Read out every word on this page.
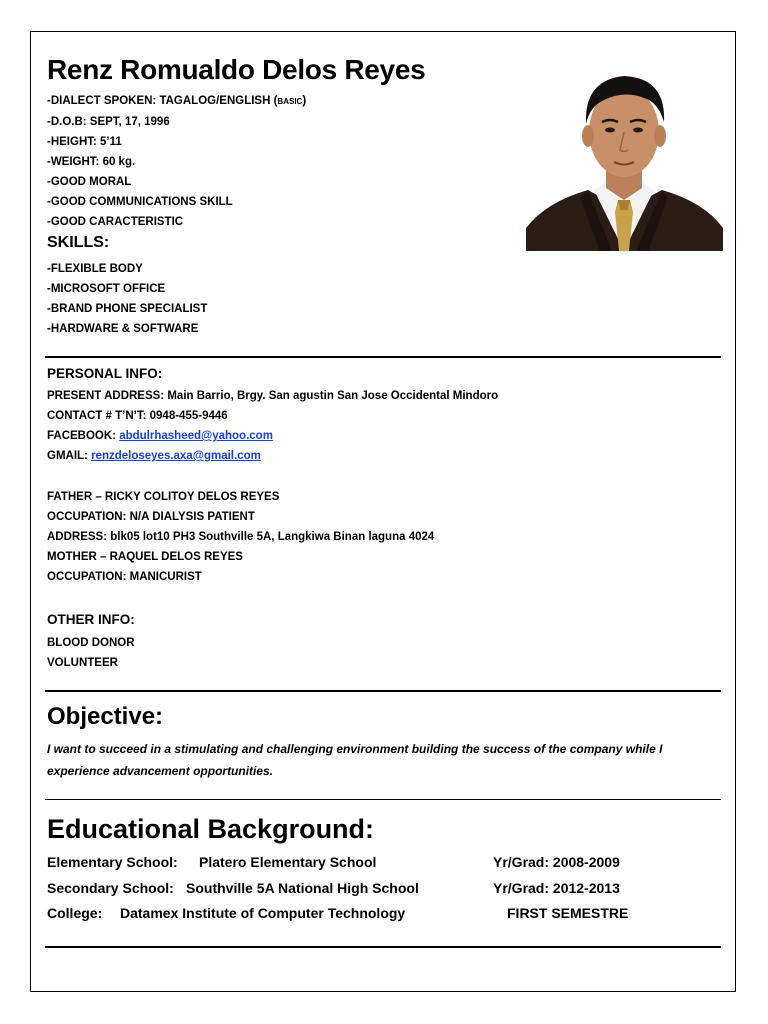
Renz Romualdo Delos Reyes
-DIALECT SPOKEN: TAGALOG/ENGLISH (BASIC)
-D.O.B: SEPT, 17, 1996
-HEIGHT: 5’11
-WEIGHT: 60 kg.
-GOOD MORAL
-GOOD COMMUNICATIONS SKILL
-GOOD CARACTERISTIC
SKILLS:
-FLEXIBLE BODY
-MICROSOFT OFFICE
-BRAND PHONE SPECIALIST
-HARDWARE & SOFTWARE
PERSONAL INFO:
PRESENT ADDRESS: Main Barrio, Brgy. San agustin San Jose Occidental Mindoro
CONTACT # T’N’T: 0948-455-9446
FACEBOOK: abdulrhasheed@yahoo.com
GMAIL: renzdeloseyes.axa@gmail.com
FATHER – RICKY COLITOY DELOS REYES
OCCUPATION: N/A DIALYSIS PATIENT
ADDRESS: blk05 lot10 PH3 Southville 5A, Langkiwa Binan laguna 4024
MOTHER – RAQUEL DELOS REYES
OCCUPATION: MANICURIST
OTHER INFO:
BLOOD DONOR
VOLUNTEER
Objective:
I want to succeed in a stimulating and challenging environment building the success of the company while I experience advancement opportunities.
Educational Background:
Elementary School: Platero Elementary School	Yr/Grad: 2008-2009
Secondary School: Southville 5A National High School	Yr/Grad: 2012-2013
College: Datamex Institute of Computer Technology	FIRST SEMESTRE
